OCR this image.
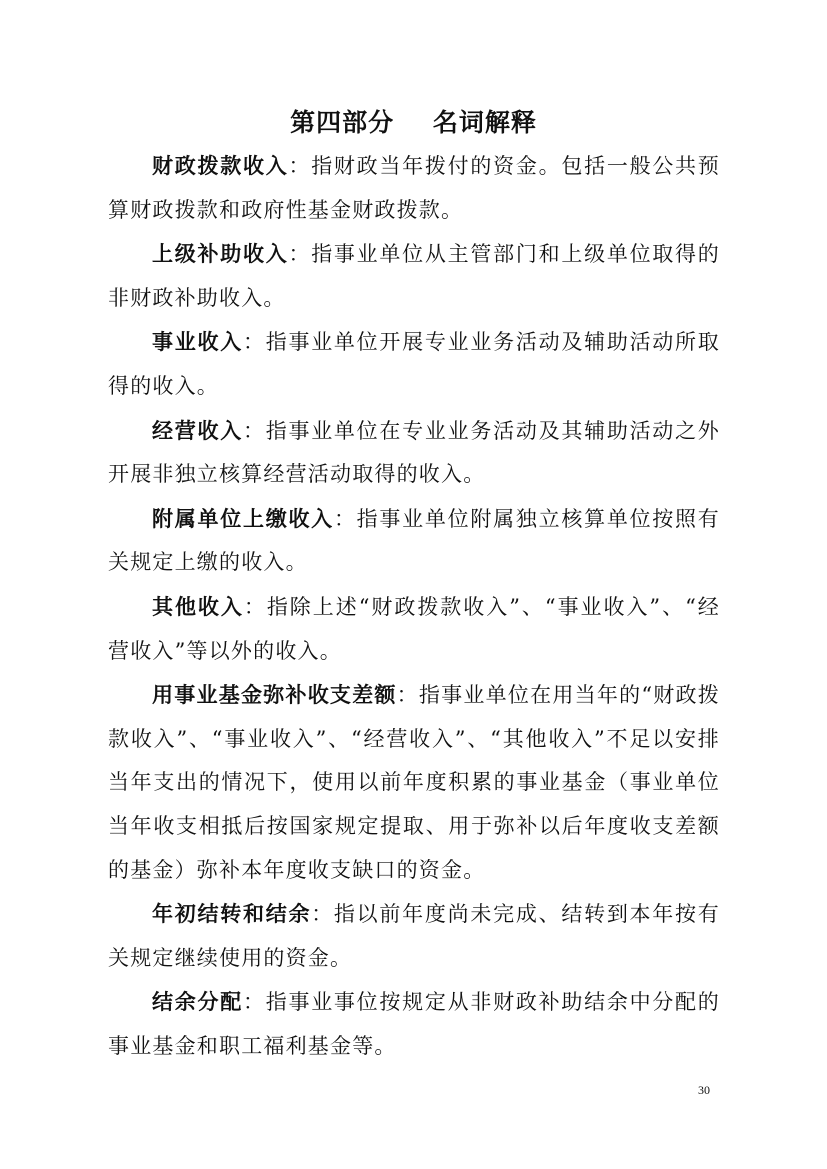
第四部分    名词解释

财政拨款收入：指财政当年拨付的资金。包括一般公共预算财政拨款和政府性基金财政拨款。

上级补助收入：指事业单位从主管部门和上级单位取得的非财政补助收入。

事业收入：指事业单位开展专业业务活动及辅助活动所取得的收入。

经营收入：指事业单位在专业业务活动及其辅助活动之外开展非独立核算经营活动取得的收入。

附属单位上缴收入：指事业单位附属独立核算单位按照有关规定上缴的收入。

其他收入：指除上述“财政拨款收入”、“事业收入”、“经营收入”等以外的收入。

用事业基金弥补收支差额：指事业单位在用当年的“财政拨款收入”、“事业收入”、“经营收入”、“其他收入”不足以安排当年支出的情况下，使用以前年度积累的事业基金（事业单位当年收支相抵后按国家规定提取、用于弥补以后年度收支差额的基金）弥补本年度收支缺口的资金。

年初结转和结余：指以前年度尚未完成、结转到本年按有关规定继续使用的资金。

结余分配：指事业事位按规定从非财政补助结余中分配的事业基金和职工福利基金等。

30
